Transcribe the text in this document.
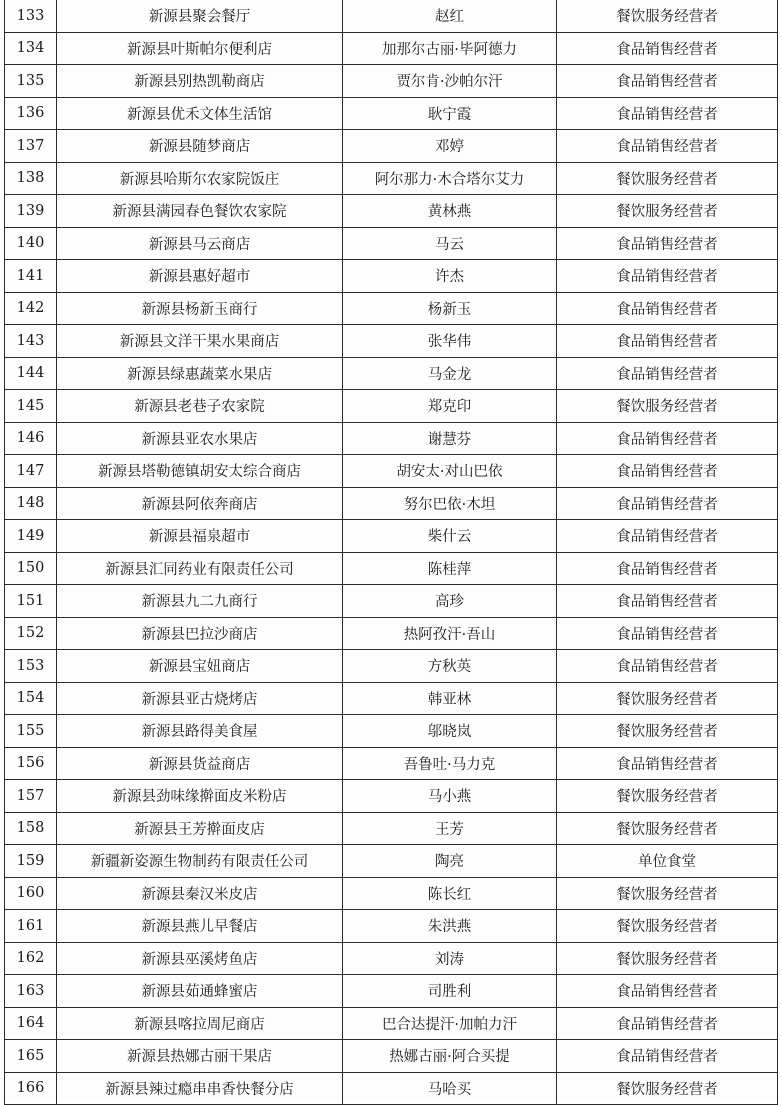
133	新源县聚会餐厅	赵红	餐饮服务经营者
134	新源县叶斯帕尔便利店	加那尔古丽·毕阿德力	食品销售经营者
135	新源县别热凯勒商店	贾尔肯·沙帕尔汗	食品销售经营者
136	新源县优禾文体生活馆	耿宁霞	食品销售经营者
137	新源县随梦商店	邓婷	食品销售经营者
138	新源县哈斯尔农家院饭庄	阿尔那力·木合塔尔艾力	餐饮服务经营者
139	新源县满园春色餐饮农家院	黄林燕	餐饮服务经营者
140	新源县马云商店	马云	食品销售经营者
141	新源县惠好超市	许杰	食品销售经营者
142	新源县杨新玉商行	杨新玉	食品销售经营者
143	新源县文洋干果水果商店	张华伟	食品销售经营者
144	新源县绿惠蔬菜水果店	马金龙	食品销售经营者
145	新源县老巷子农家院	郑克印	餐饮服务经营者
146	新源县亚农水果店	谢慧芬	食品销售经营者
147	新源县塔勒德镇胡安太综合商店	胡安太·对山巴依	食品销售经营者
148	新源县阿依奔商店	努尔巴依·木坦	食品销售经营者
149	新源县福泉超市	柴什云	食品销售经营者
150	新源县汇同药业有限责任公司	陈桂萍	食品销售经营者
151	新源县九二九商行	高珍	食品销售经营者
152	新源县巴拉沙商店	热阿孜汗·吾山	食品销售经营者
153	新源县宝妞商店	方秋英	食品销售经营者
154	新源县亚古烧烤店	韩亚林	餐饮服务经营者
155	新源县路得美食屋	邬晓岚	餐饮服务经营者
156	新源县货益商店	吾鲁吐·马力克	食品销售经营者
157	新源县劲味缘擀面皮米粉店	马小燕	餐饮服务经营者
158	新源县王芳擀面皮店	王芳	餐饮服务经营者
159	新疆新姿源生物制药有限责任公司	陶亮	单位食堂
160	新源县秦汉米皮店	陈长红	餐饮服务经营者
161	新源县燕儿早餐店	朱洪燕	餐饮服务经营者
162	新源县巫溪烤鱼店	刘涛	餐饮服务经营者
163	新源县茹通蜂蜜店	司胜利	食品销售经营者
164	新源县喀拉周尼商店	巴合达提汗·加帕力汗	食品销售经营者
165	新源县热娜古丽干果店	热娜古丽·阿合买提	食品销售经营者
166	新源县辣过瘾串串香快餐分店	马哈买	餐饮服务经营者
